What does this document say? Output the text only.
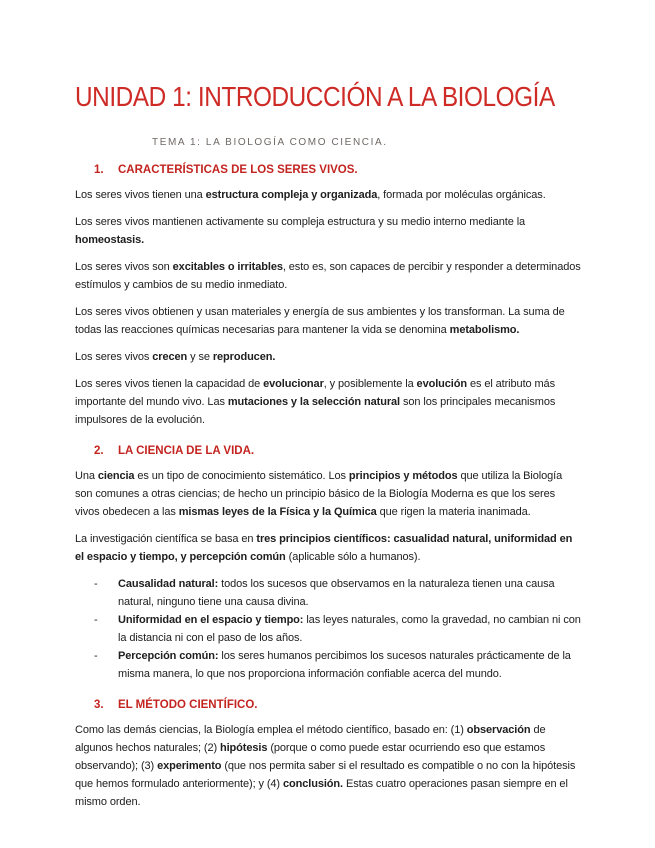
UNIDAD 1: INTRODUCCIÓN A LA BIOLOGÍA
TEMA 1: LA BIOLOGÍA COMO CIENCIA.
1.	CARACTERÍSTICAS DE LOS SERES VIVOS.

Los seres vivos tienen una estructura compleja y organizada, formada por moléculas orgánicas.

Los seres vivos mantienen activamente su compleja estructura y su medio interno mediante la homeostasis.

Los seres vivos son excitables o irritables, esto es, son capaces de percibir y responder a determinados estímulos y cambios de su medio inmediato.

Los seres vivos obtienen y usan materiales y energía de sus ambientes y los transforman. La suma de todas las reacciones químicas necesarias para mantener la vida se denomina metabolismo.

Los seres vivos crecen y se reproducen.

Los seres vivos tienen la capacidad de evolucionar, y posiblemente la evolución es el atributo más importante del mundo vivo. Las mutaciones y la selección natural son los principales mecanismos impulsores de la evolución.

2.	LA CIENCIA DE LA VIDA.

Una ciencia es un tipo de conocimiento sistemático. Los principios y métodos que utiliza la Biología son comunes a otras ciencias; de hecho un principio básico de la Biología Moderna es que los seres vivos obedecen a las mismas leyes de la Física y la Química que rigen la materia inanimada.

La investigación científica se basa en tres principios científicos: casualidad natural, uniformidad en el espacio y tiempo, y percepción común (aplicable sólo a humanos).

-	Causalidad natural: todos los sucesos que observamos en la naturaleza tienen una causa natural, ninguno tiene una causa divina.
-	Uniformidad en el espacio y tiempo: las leyes naturales, como la gravedad, no cambian ni con la distancia ni con el paso de los años.
-	Percepción común: los seres humanos percibimos los sucesos naturales prácticamente de la misma manera, lo que nos proporciona información confiable acerca del mundo.
3.	EL MÉTODO CIENTÍFICO.

Como las demás ciencias, la Biología emplea el método científico, basado en: (1) observación de algunos hechos naturales; (2) hipótesis (porque o como puede estar ocurriendo eso que estamos observando); (3) experimento (que nos permita saber si el resultado es compatible o no con la hipótesis que hemos formulado anteriormente); y (4) conclusión. Estas cuatro operaciones pasan siempre en el mismo orden.
